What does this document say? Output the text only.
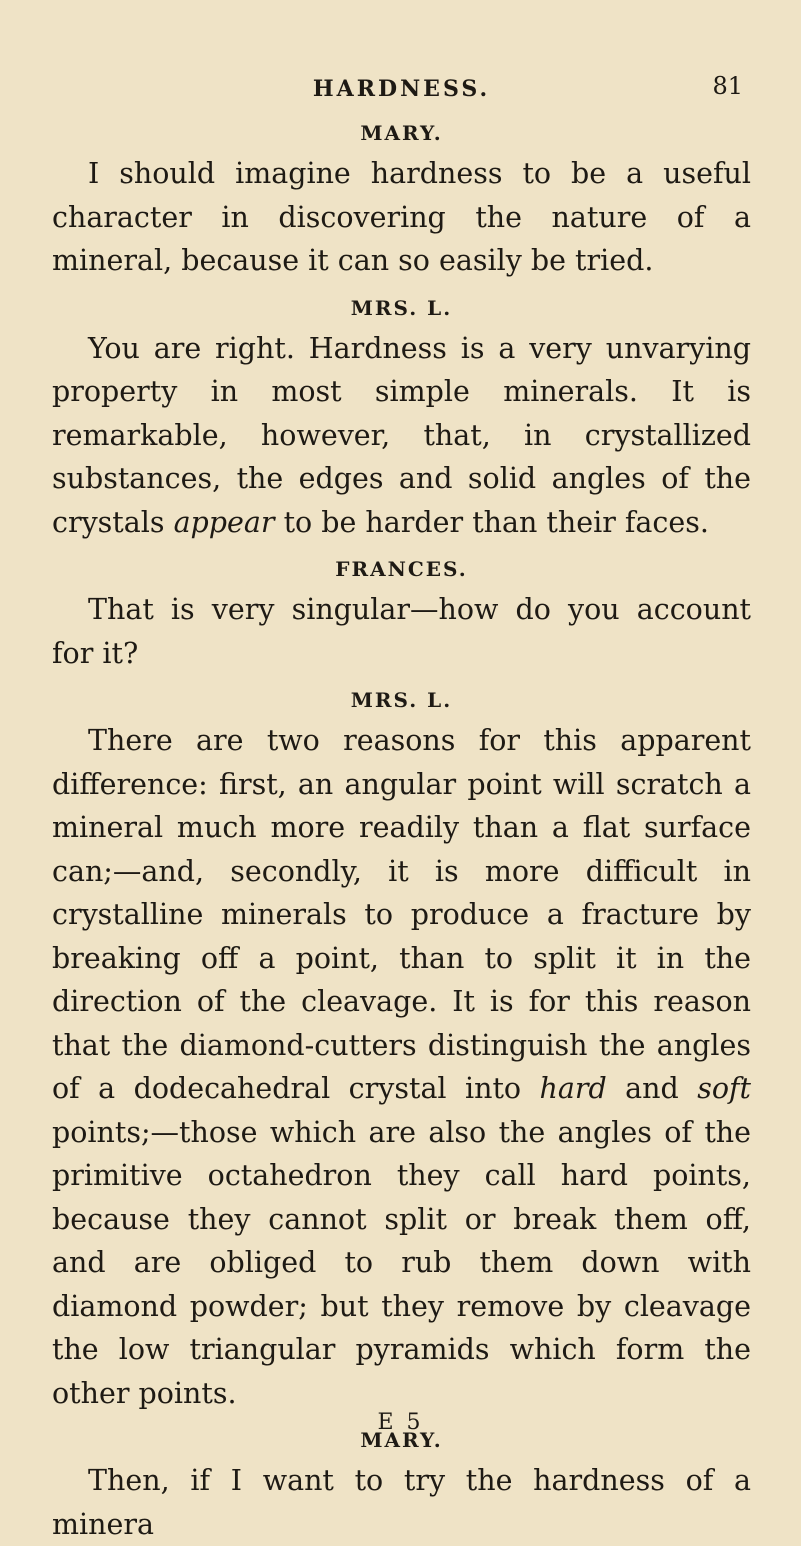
HARDNESS.	81
MARY.

I should imagine hardness to be a useful character in discovering the nature of a mineral, because it can so easily be tried.

MRS. L.

You are right. Hardness is a very unvarying property in most simple minerals. It is remarkable, however, that, in crystallized substances, the edges and solid angles of the crystals appear to be harder than their faces.

FRANCES.

That is very singular—how do you account for it?

MRS. L.

There are two reasons for this apparent difference: first, an angular point will scratch a mineral much more readily than a flat surface can;—and, secondly, it is more difficult in crystalline minerals to produce a fracture by breaking off a point, than to split it in the direction of the cleavage. It is for this reason that the diamond-cutters distinguish the angles of a dodecahedral crystal into hard and soft points;—those which are also the angles of the primitive octahedron they call hard points, because they cannot split or break them off, and are obliged to rub them down with diamond powder; but they remove by cleavage the low triangular pyramids which form the other points.

MARY.

Then, if I want to try the hardness of a minera

E 5
